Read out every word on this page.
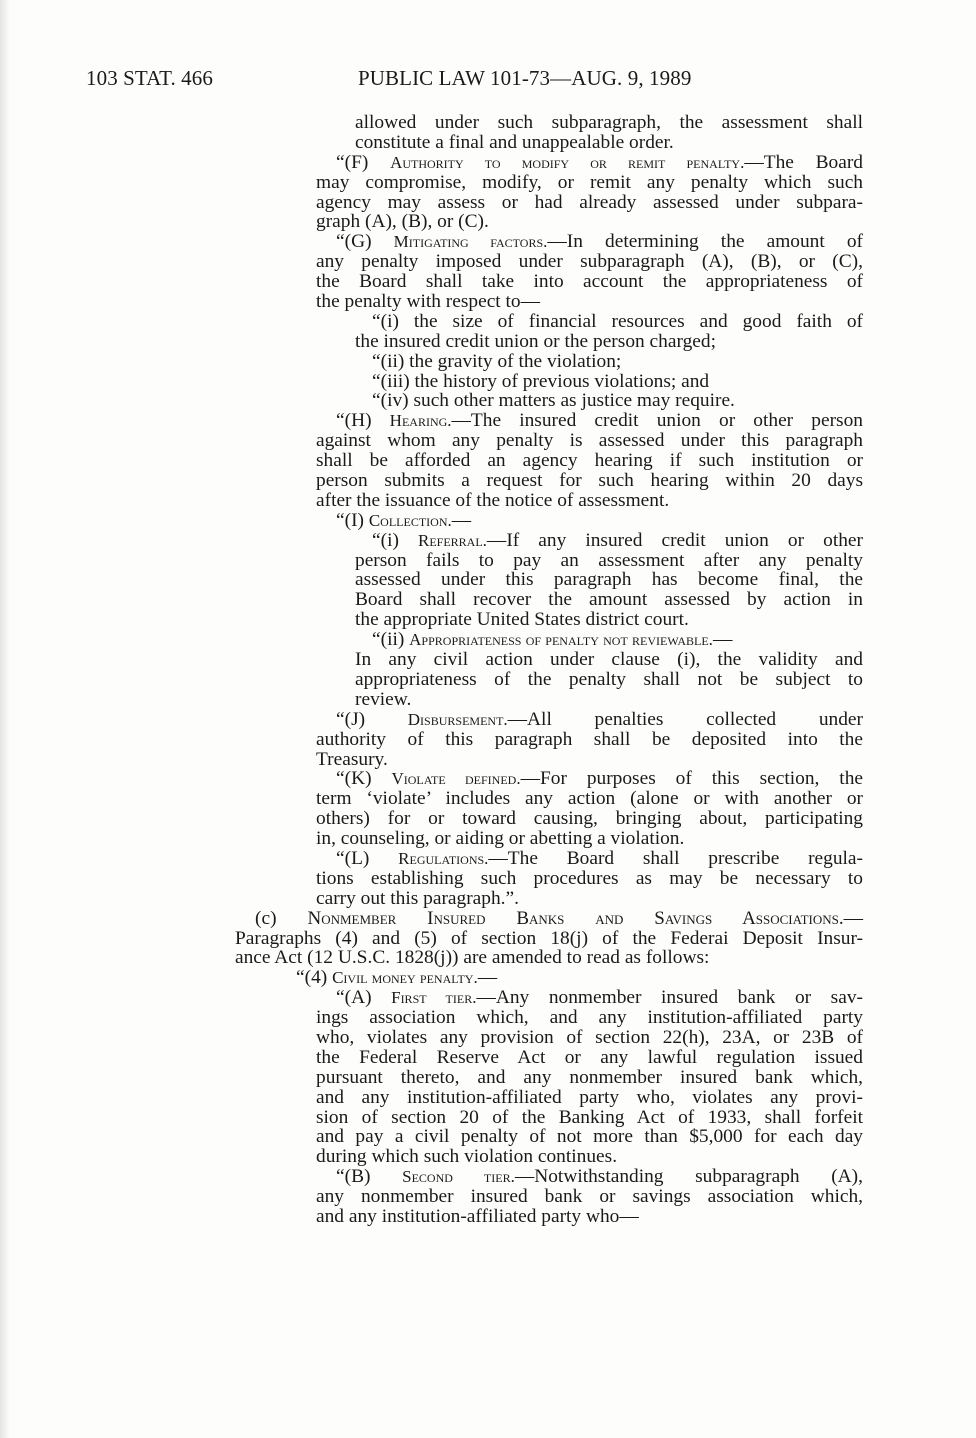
103 STAT. 466	PUBLIC LAW 101-73—AUG. 9, 1989
allowed under such subparagraph, the assessment shall
constitute a final and unappealable order.
“(F) Authority to modify or remit penalty.—The Board
may compromise, modify, or remit any penalty which such
agency may assess or had already assessed under subpara-
graph (A), (B), or (C).
“(G) Mitigating factors.—In determining the amount of
any penalty imposed under subparagraph (A), (B), or (C),
the Board shall take into account the appropriateness of
the penalty with respect to—
“(i) the size of financial resources and good faith of
the insured credit union or the person charged;
“(ii) the gravity of the violation;
“(iii) the history of previous violations; and
“(iv) such other matters as justice may require.
“(H) Hearing.—The insured credit union or other person
against whom any penalty is assessed under this paragraph
shall be afforded an agency hearing if such institution or
person submits a request for such hearing within 20 days
after the issuance of the notice of assessment.
“(I) Collection.—
“(i) Referral.—If any insured credit union or other
person fails to pay an assessment after any penalty
assessed under this paragraph has become final, the
Board shall recover the amount assessed by action in
the appropriate United States district court.
“(ii) Appropriateness of penalty not reviewable.—
In any civil action under clause (i), the validity and
appropriateness of the penalty shall not be subject to
review.
“(J)	Disbursement.—All penalties collected under
authority of this paragraph shall be deposited into the
Treasury.
“(K) Violate defined.—For purposes of this section, the
term ‘violate’ includes any action (alone or with another or
others) for or toward causing, bringing about, participating
in, counseling, or aiding or abetting a violation.
“(L) Regulations.—The Board shall prescribe regula-
tions establishing such procedures as may be necessary to
carry out this paragraph.”.
(c) Nonmember Insured Banks and Savings Associations.—
Paragraphs (4) and (5) of section 18(j) of the Federai Deposit Insur-
ance Act (12 U.S.C. 1828(j)) are amended to read as follows:
“(4) Civil money penalty.—
“(A) First tier.—Any nonmember insured bank or sav-
ings association which, and any institution-affiliated party
who, violates any provision of section 22(h), 23A, or 23B of
the Federal Reserve Act or any lawful regulation issued
pursuant thereto, and any nonmember insured bank which,
and any institution-affiliated party who, violates any provi-
sion of section 20 of the Banking Act of 1933, shall forfeit
and pay a civil penalty of not more than $5,000 for each day
during which such violation continues.
“(B) Second tier.—Notwithstanding subparagraph (A),
any nonmember insured bank or savings association which,
and any institution-affiliated party who—
